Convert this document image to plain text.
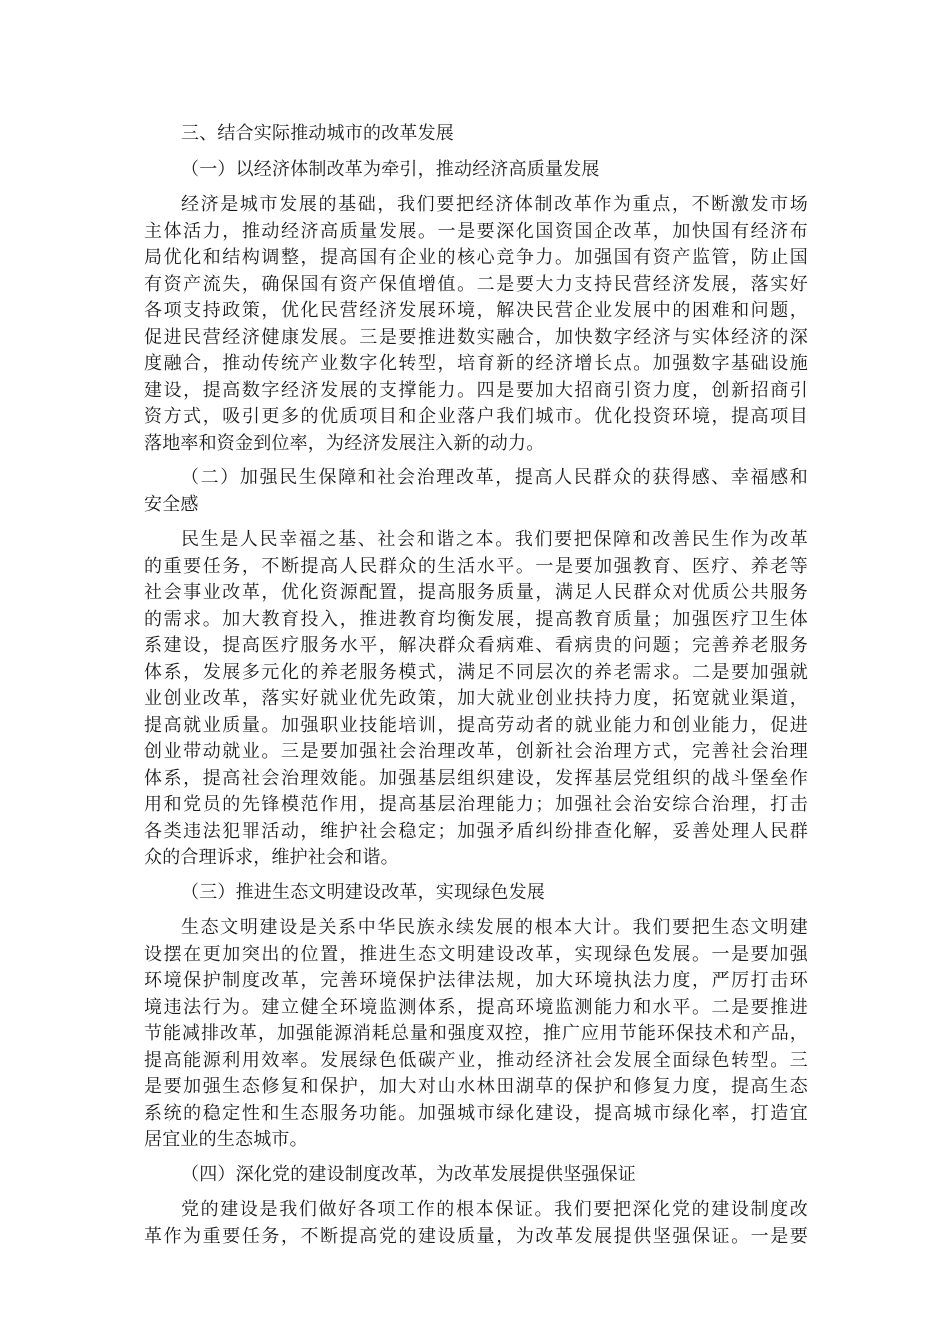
三、结合实际推动城市的改革发展
（一）以经济体制改革为牵引，推动经济高质量发展
经济是城市发展的基础，我们要把经济体制改革作为重点，不断激发市场
主体活力，推动经济高质量发展。一是要深化国资国企改革，加快国有经济布
局优化和结构调整，提高国有企业的核心竞争力。加强国有资产监管，防止国
有资产流失，确保国有资产保值增值。二是要大力支持民营经济发展，落实好
各项支持政策，优化民营经济发展环境，解决民营企业发展中的困难和问题，
促进民营经济健康发展。三是要推进数实融合，加快数字经济与实体经济的深
度融合，推动传统产业数字化转型，培育新的经济增长点。加强数字基础设施
建设，提高数字经济发展的支撑能力。四是要加大招商引资力度，创新招商引
资方式，吸引更多的优质项目和企业落户我们城市。优化投资环境，提高项目
落地率和资金到位率，为经济发展注入新的动力。
（二）加强民生保障和社会治理改革，提高人民群众的获得感、幸福感和
安全感
民生是人民幸福之基、社会和谐之本。我们要把保障和改善民生作为改革
的重要任务，不断提高人民群众的生活水平。一是要加强教育、医疗、养老等
社会事业改革，优化资源配置，提高服务质量，满足人民群众对优质公共服务
的需求。加大教育投入，推进教育均衡发展，提高教育质量；加强医疗卫生体
系建设，提高医疗服务水平，解决群众看病难、看病贵的问题；完善养老服务
体系，发展多元化的养老服务模式，满足不同层次的养老需求。二是要加强就
业创业改革，落实好就业优先政策，加大就业创业扶持力度，拓宽就业渠道，
提高就业质量。加强职业技能培训，提高劳动者的就业能力和创业能力，促进
创业带动就业。三是要加强社会治理改革，创新社会治理方式，完善社会治理
体系，提高社会治理效能。加强基层组织建设，发挥基层党组织的战斗堡垒作
用和党员的先锋模范作用，提高基层治理能力；加强社会治安综合治理，打击
各类违法犯罪活动，维护社会稳定；加强矛盾纠纷排查化解，妥善处理人民群
众的合理诉求，维护社会和谐。
（三）推进生态文明建设改革，实现绿色发展
生态文明建设是关系中华民族永续发展的根本大计。我们要把生态文明建
设摆在更加突出的位置，推进生态文明建设改革，实现绿色发展。一是要加强
环境保护制度改革，完善环境保护法律法规，加大环境执法力度，严厉打击环
境违法行为。建立健全环境监测体系，提高环境监测能力和水平。二是要推进
节能减排改革，加强能源消耗总量和强度双控，推广应用节能环保技术和产品，
提高能源利用效率。发展绿色低碳产业，推动经济社会发展全面绿色转型。三
是要加强生态修复和保护，加大对山水林田湖草的保护和修复力度，提高生态
系统的稳定性和生态服务功能。加强城市绿化建设，提高城市绿化率，打造宜
居宜业的生态城市。
（四）深化党的建设制度改革，为改革发展提供坚强保证
党的建设是我们做好各项工作的根本保证。我们要把深化党的建设制度改
革作为重要任务，不断提高党的建设质量，为改革发展提供坚强保证。一是要
